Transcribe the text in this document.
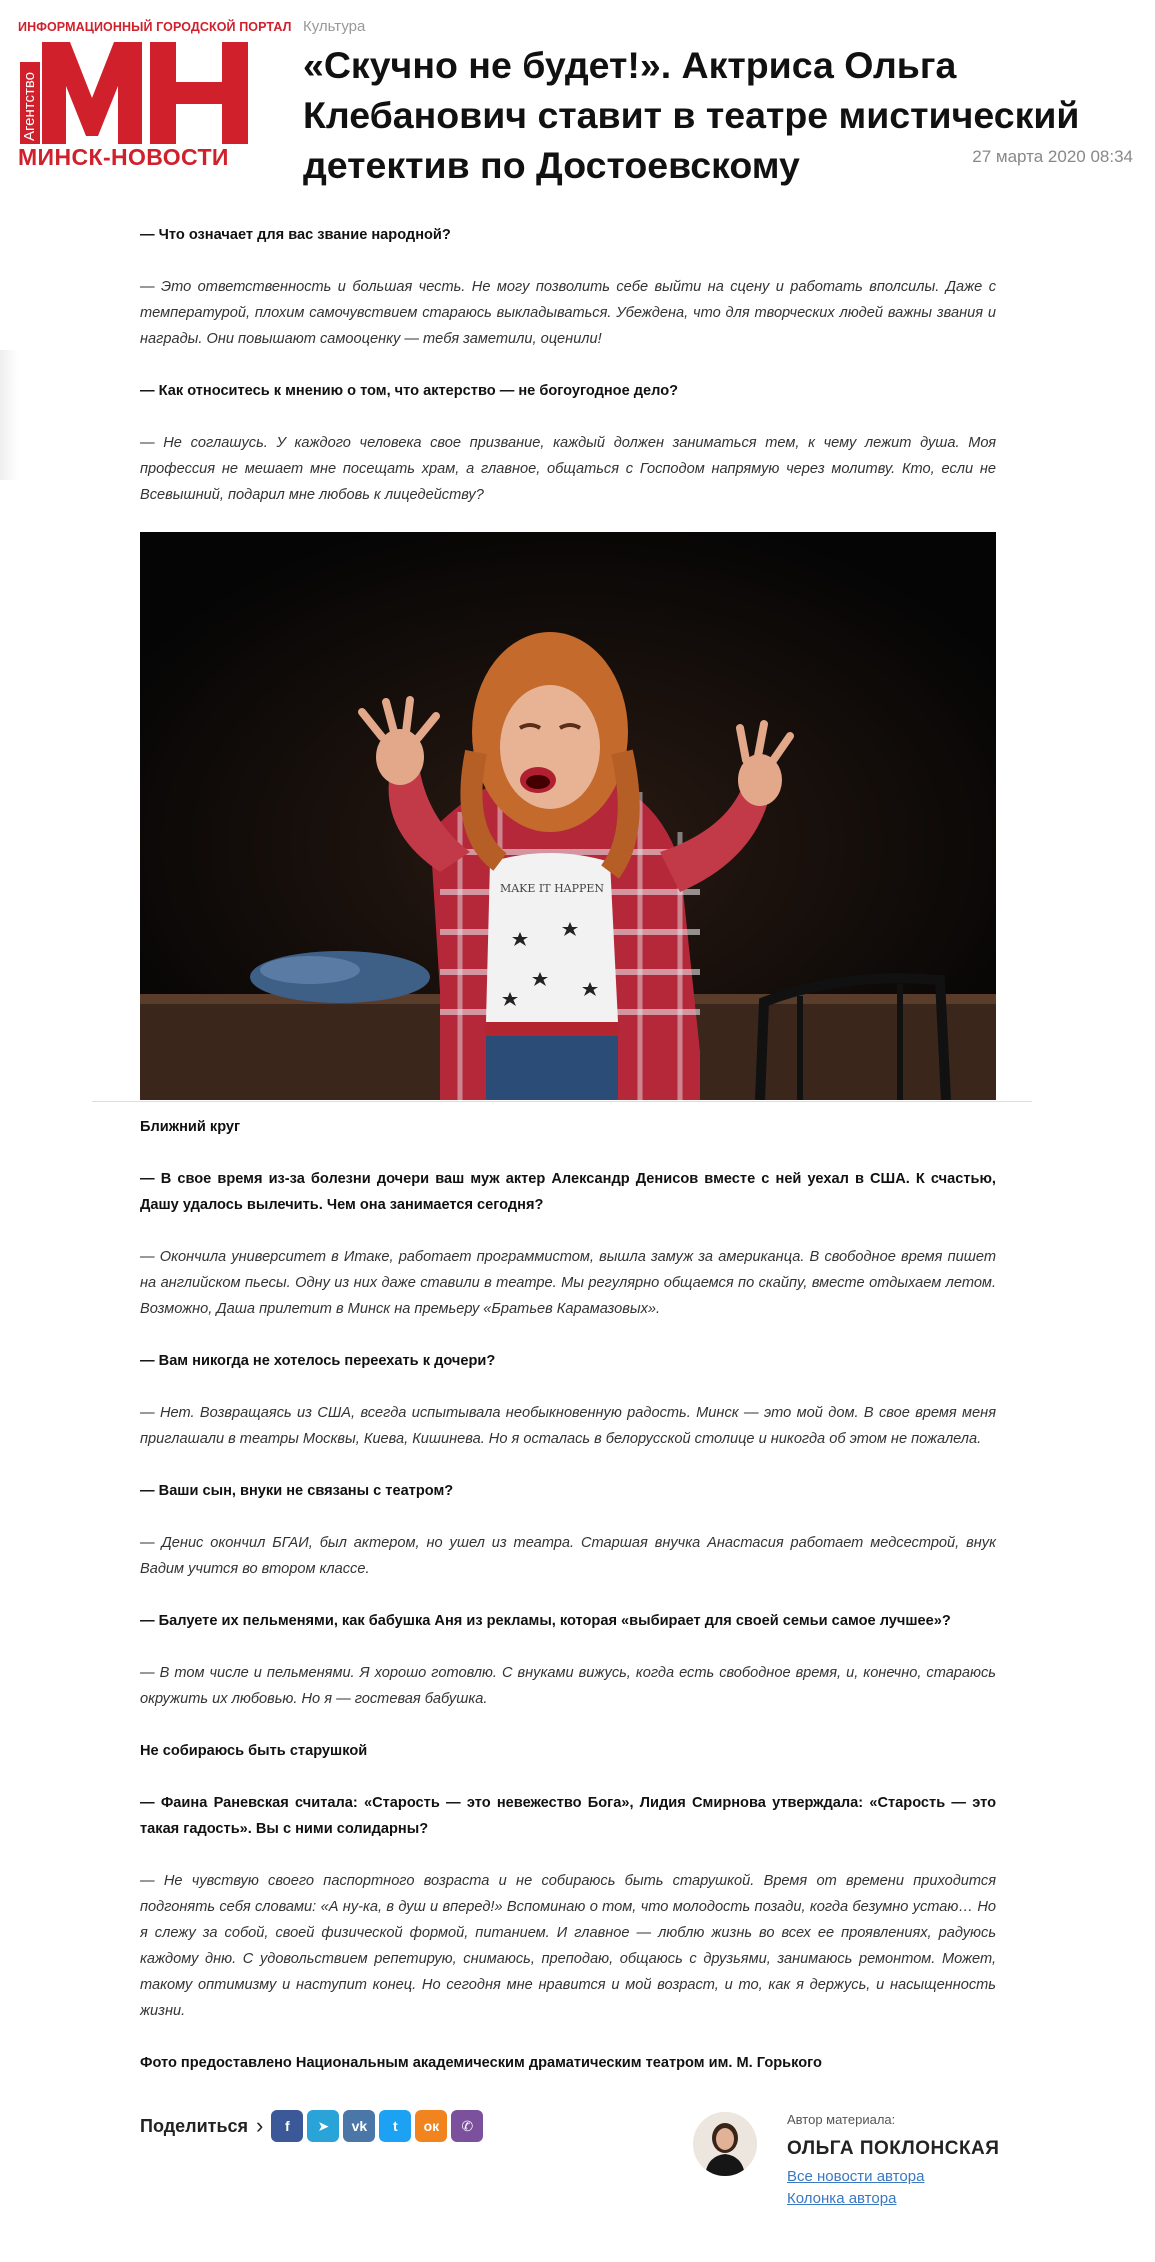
ИНФОРМАЦИОННЫЙ ГОРОДСКОЙ ПОРТАЛ
Агентство
МИНСК-НОВОСТИ
Культура
«Скучно не будет!». Актриса Ольга Клебанович ставит в театре мистический детектив по Достоевскому	27 марта 2020 08:34

— Что означает для вас звание народной?

— Это ответственность и большая честь. Не могу позволить себе выйти на сцену и работать вполсилы. Даже с температурой, плохим самочувствием стараюсь выкладываться. Убеждена, что для творческих людей важны звания и награды. Они повышают самооценку — тебя заметили, оценили!

— Как относитесь к мнению о том, что актерство — не богоугодное дело?

— Не соглашусь. У каждого человека свое призвание, каждый должен заниматься тем, к чему лежит душа. Моя профессия не мешает мне посещать храм, а главное, общаться с Господом напрямую через молитву. Кто, если не Всевышний, подарил мне любовь к лицедейству?

MAKE IT HAPPEN

Ближний круг

— В свое время из-за болезни дочери ваш муж актер Александр Денисов вместе с ней уехал в США. К счастью, Дашу удалось вылечить. Чем она занимается сегодня?

— Окончила университет в Итаке, работает программистом, вышла замуж за американца. В свободное время пишет на английском пьесы. Одну из них даже ставили в театре. Мы регулярно общаемся по скайпу, вместе отдыхаем летом. Возможно, Даша прилетит в Минск на премьеру «Братьев Карамазовых».

— Вам никогда не хотелось переехать к дочери?

— Нет. Возвращаясь из США, всегда испытывала необыкновенную радость. Минск — это мой дом. В свое время меня приглашали в театры Москвы, Киева, Кишинева. Но я осталась в белорусской столице и никогда об этом не пожалела.

— Ваши сын, внуки не связаны с театром?

— Денис окончил БГАИ, был актером, но ушел из театра. Старшая внучка Анастасия работает медсестрой, внук Вадим учится во втором классе.

— Балуете их пельменями, как бабушка Аня из рекламы, которая «выбирает для своей семьи самое лучшее»?

— В том числе и пельменями. Я хорошо готовлю. С внуками вижусь, когда есть свободное время, и, конечно, стараюсь окружить их любовью. Но я — гостевая бабушка.

Не собираюсь быть старушкой

— Фаина Раневская считала: «Старость — это невежество Бога», Лидия Смирнова утверждала: «Старость — это такая гадость». Вы с ними солидарны?

— Не чувствую своего паспортного возраста и не собираюсь быть старушкой. Время от времени приходится подгонять себя словами: «А ну-ка, в душ и вперед!» Вспоминаю о том, что молодость позади, когда безумно устаю… Но я слежу за собой, своей физической формой, питанием. И главное — люблю жизнь во всех ее проявлениях, радуюсь каждому дню. С удовольствием репетирую, снимаюсь, преподаю, общаюсь с друзьями, занимаюсь ремонтом. Может, такому оптимизму и наступит конец. Но сегодня мне нравится и мой возраст, и то, как я держусь, и насыщенность жизни.

Фото предоставлено Национальным академическим драматическим театром им. М. Горького

Поделиться ›	f	➤	vk	t	ок	✆	Автор материала:
ОЛЬГА ПОКЛОНСКАЯ
Все новости автора
Колонка автора
